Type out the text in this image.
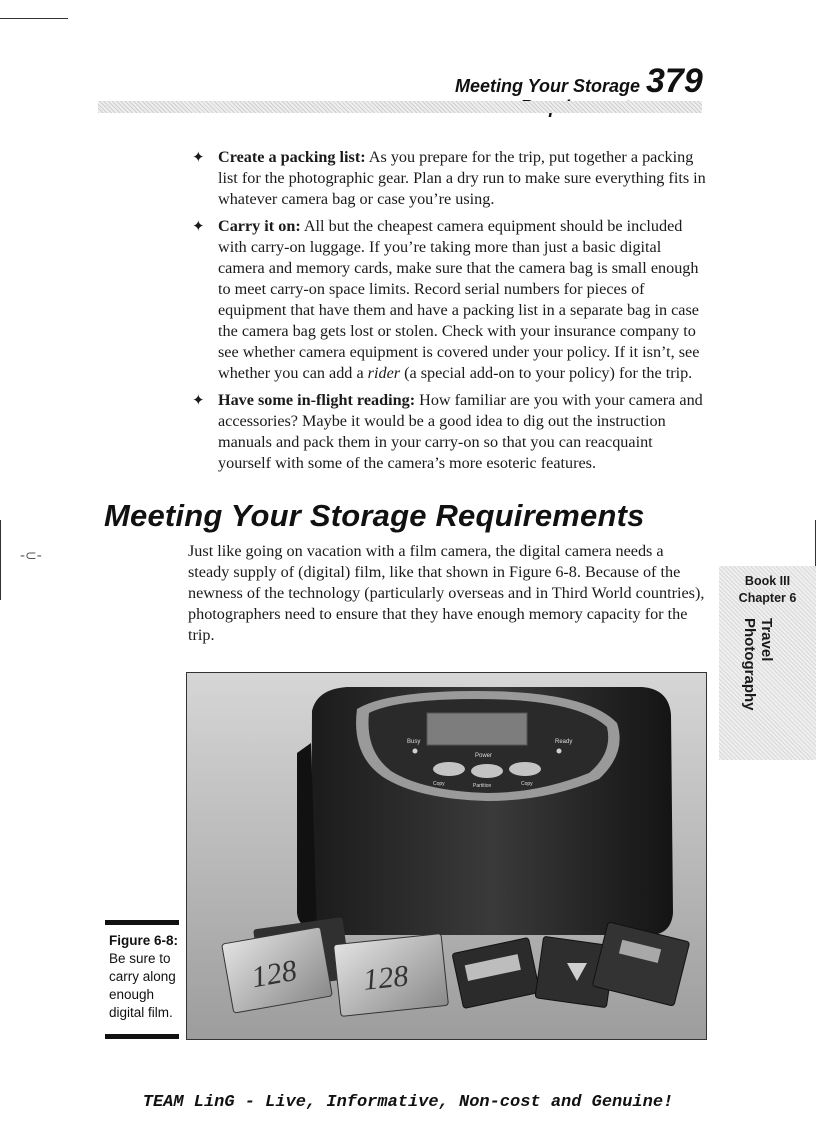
-⊂-
Meeting Your Storage 379
✦ Create a packing list: As you prepare for the trip, put together a packing list for the photographic gear. Plan a dry run to make sure everything fits in whatever camera bag or case you’re using.
✦ Carry it on: All but the cheapest camera equipment should be included with carry-on luggage. If you’re taking more than just a basic digital camera and memory cards, make sure that the camera bag is small enough to meet carry-on space limits. Record serial numbers for pieces of equipment that have them and have a packing list in a separate bag in case the camera bag gets lost or stolen. Check with your insurance company to see whether camera equipment is covered under your policy. If it isn’t, see whether you can add a rider (a special add-on to your policy) for the trip.
✦ Have some in-flight reading: How familiar are you with your camera and accessories? Maybe it would be a good idea to dig out the instruction manuals and pack them in your carry-on so that you can reacquaint yourself with some of the camera’s more esoteric features.
Meeting Your Storage Requirements
Just like going on vacation with a film camera, the digital camera needs a steady supply of (digital) film, like that shown in Figure 6-8. Because of the newness of the technology (particularly overseas and in Third World countries), photographers need to ensure that they have enough memory capacity for the trip.
Book III
Chapter 6
Travel Photography
Busy
Power
Ready
Copy	Partition	Copy
128 128
Figure 6-8:
Be sure to carry along enough digital film.
TEAM LinG - Live, Informative, Non-cost and Genuine!
